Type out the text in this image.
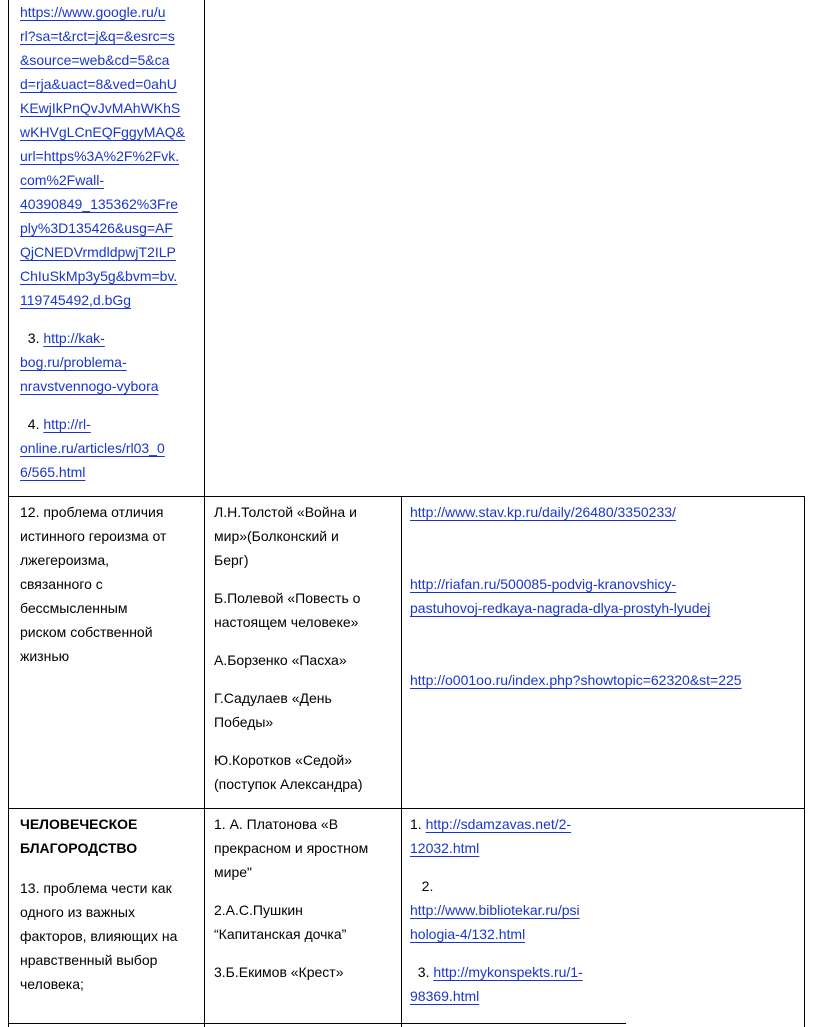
https://www.google.ru/u
rl?sa=t&rct=j&q=&esrc=s
&source=web&cd=5&ca
d=rja&uact=8&ved=0ahU
KEwjIkPnQvJvMAhWKhS
wKHVgLCnEQFggyMAQ&
url=https%3A%2F%2Fvk.
com%2Fwall-
40390849_135362%3Fre
ply%3D135426&usg=AF
QjCNEDVrmdldpwjT2ILP
ChIuSkMp3y5g&bvm=bv.
119745492,d.bGg
3. http://kak-
bog.ru/problema-
nravstvennogo-vybora
4. http://rl-
online.ru/articles/rl03_0
6/565.html
12. проблема отличия
истинного героизма от
лжегероизма,
связанного с
бессмысленным
риском собственной
жизнью
Л.Н.Толстой «Война и
мир»(Болконский и
Берг)
Б.Полевой «Повесть о
настоящем человеке»
А.Борзенко «Пасха»
Г.Садулаев «День
Победы»
Ю.Коротков «Седой»
(поступок Александра)
http://www.stav.kp.ru/daily/26480/3350233/
http://riafan.ru/500085-podvig-kranovshicy-
pastuhovoj-redkaya-nagrada-dlya-prostyh-lyudej
http://o001oo.ru/index.php?showtopic=62320&st=225
ЧЕЛОВЕЧЕСКОЕ
БЛАГОРОДСТВО
13. проблема чести как
одного из важных
факторов, влияющих на
нравственный выбор
человека;
1. А. Платонова «В
прекрасном и яростном
мире"
2.А.С.Пушкин
“Капитанская дочка”
3.Б.Екимов «Крест»
1. http://sdamzavas.net/2-
12032.html
2.
http://www.bibliotekar.ru/psi
hologia-4/132.html
3. http://mykonspekts.ru/1-
98369.html
